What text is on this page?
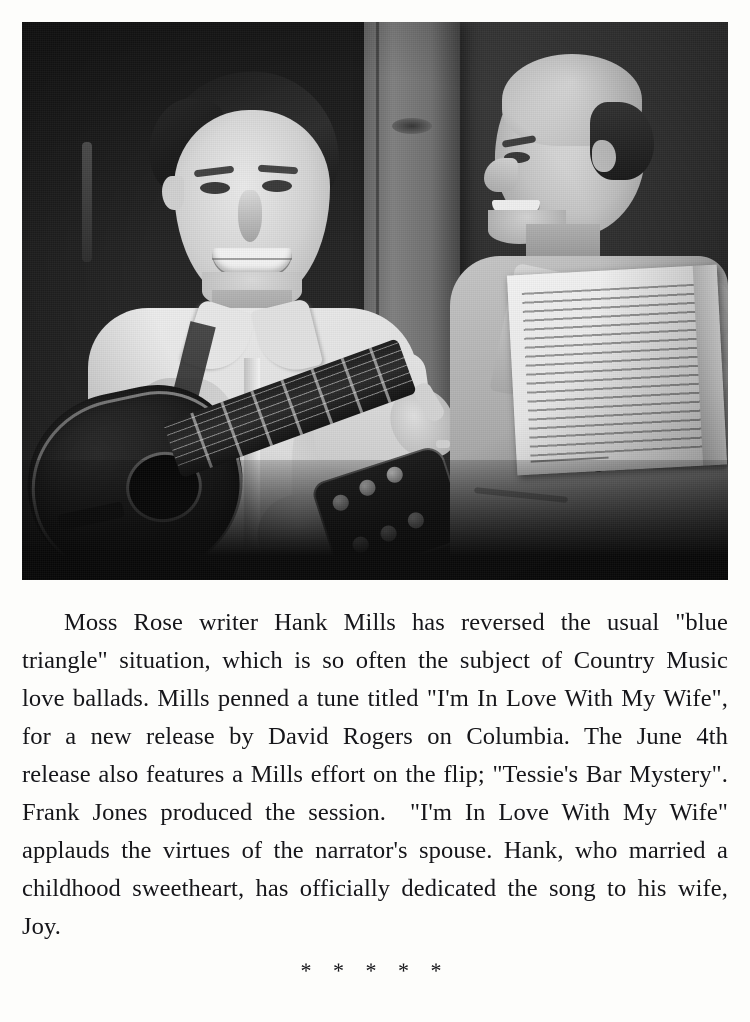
Moss Rose writer Hank Mills has reversed the usual "blue triangle" situation, which is so often the subject of Country Music love ballads. Mills penned a tune titled "I'm In Love With My Wife", for a new release by David Rogers on Columbia. The June 4th release also features a Mills effort on the flip; "Tessie's Bar Mystery". Frank Jones produced the session. "I'm In Love With My Wife" applauds the virtues of the narrator's spouse. Hank, who married a childhood sweetheart, has officially dedicated the song to his wife, Joy.
* * * * *
